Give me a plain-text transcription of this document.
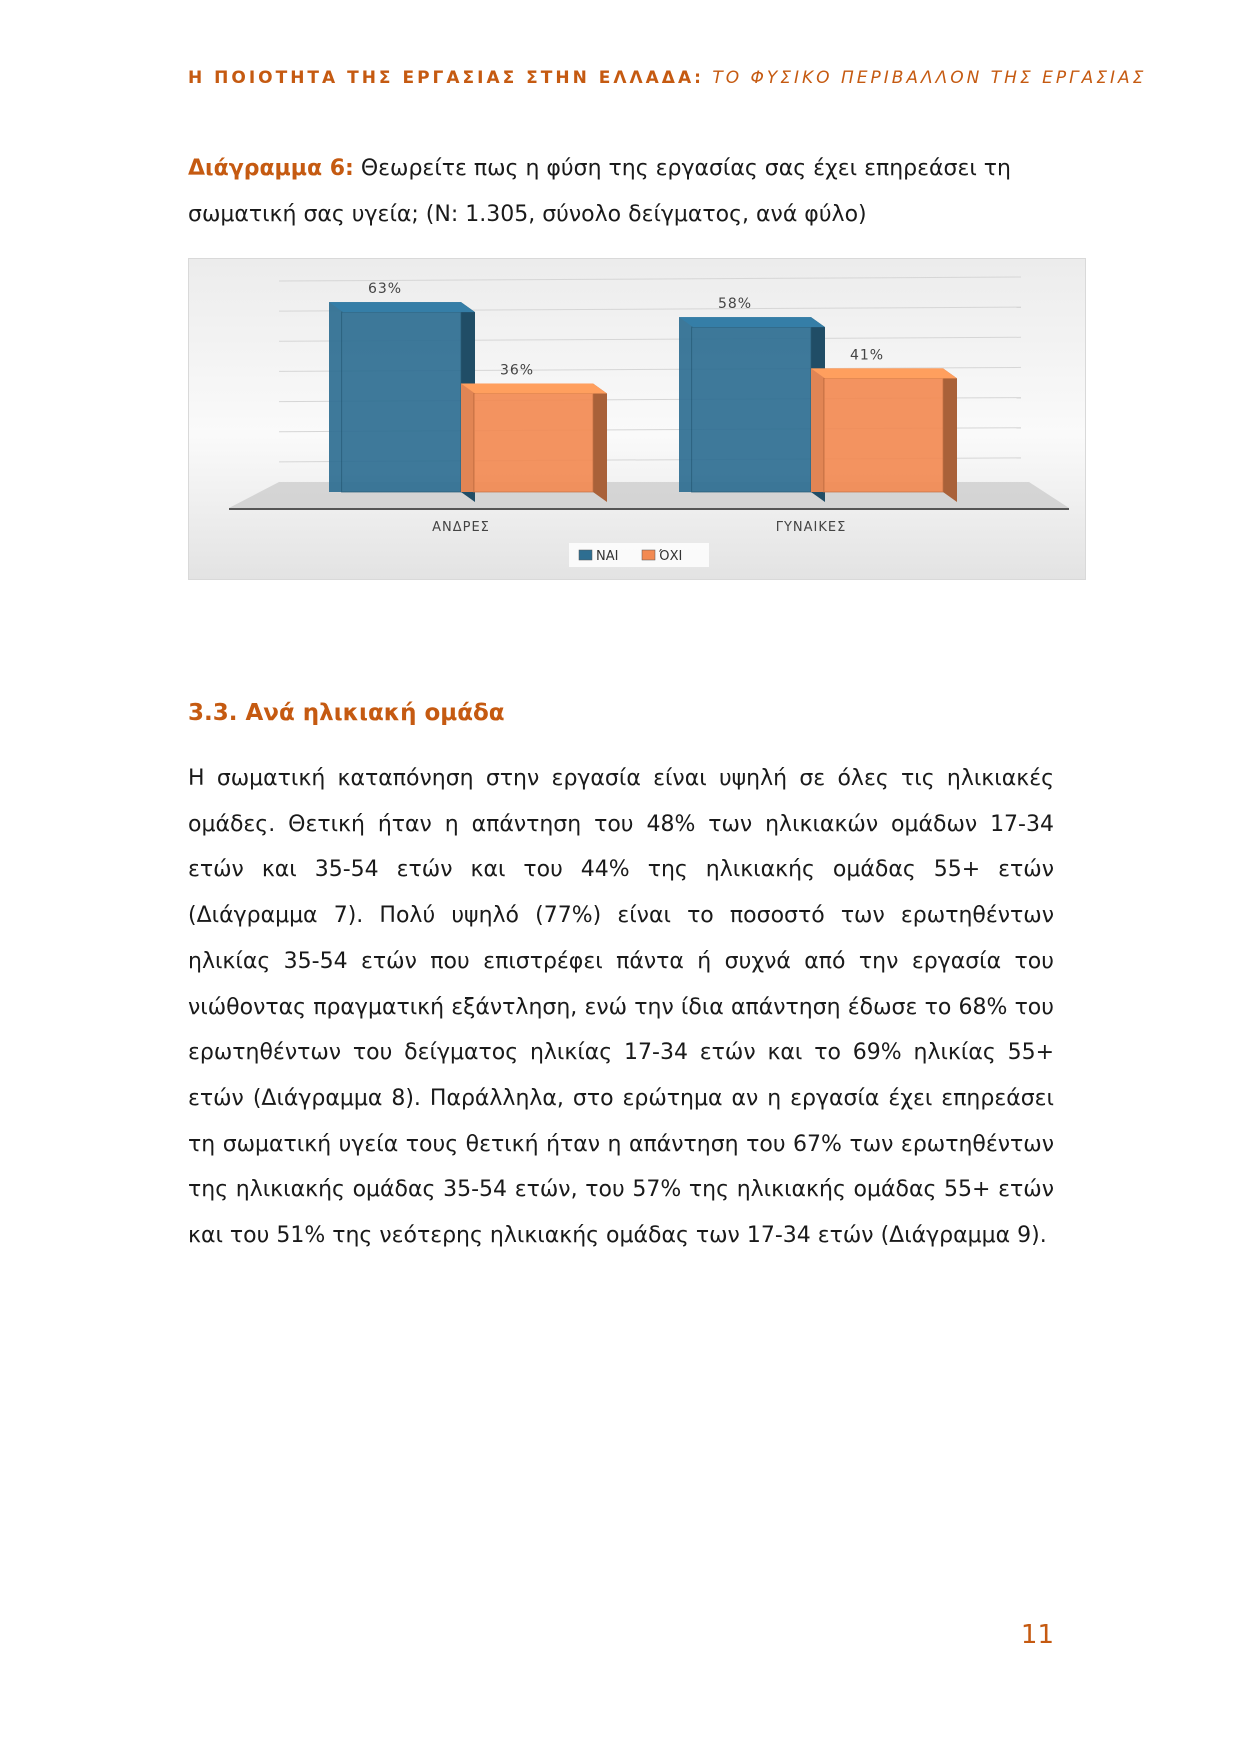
Η ΠΟΙΟΤΗΤΑ ΤΗΣ ΕΡΓΑΣΙΑΣ ΣΤΗΝ ΕΛΛΑΔΑ: ΤΟ ΦΥΣΙΚΟ ΠΕΡΙΒΑΛΛΟΝ ΤΗΣ ΕΡΓΑΣΙΑΣ
Διάγραμμα 6: Θεωρείτε πως η φύση της εργασίας σας έχει επηρεάσει τη σωματική σας υγεία; (N: 1.305, σύνολο δείγματος, ανά φύλο)
63%
36%
ΑΝΔΡΕΣ
58%
41%
ΓΥΝΑΙΚΕΣ
ΝΑΙ	ΌΧΙ
3.3. Ανά ηλικιακή ομάδα

Η σωματική καταπόνηση στην εργασία είναι υψηλή σε όλες τις ηλικιακές ομάδες. Θετική ήταν η απάντηση του 48% των ηλικιακών ομάδων 17-34 ετών και 35-54 ετών και του 44% της ηλικιακής ομάδας 55+ ετών (Διάγραμμα 7). Πολύ υψηλό (77%) είναι το ποσοστό των ερωτηθέντων ηλικίας 35-54 ετών που επιστρέφει πάντα ή συχνά από την εργασία του νιώθοντας πραγματική εξάντληση, ενώ την ίδια απάντηση έδωσε το 68% του ερωτηθέντων του δείγματος ηλικίας 17-34 ετών και το 69% ηλικίας 55+ ετών (Διάγραμμα 8). Παράλληλα, στο ερώτημα αν η εργασία έχει επηρεάσει τη σωματική υγεία τους θετική ήταν η απάντηση του 67% των ερωτηθέντων της ηλικιακής ομάδας 35-54 ετών, του 57% της ηλικιακής ομάδας 55+ ετών και του 51% της νεότερης ηλικιακής ομάδας των 17-34 ετών (Διάγραμμα 9).

11
